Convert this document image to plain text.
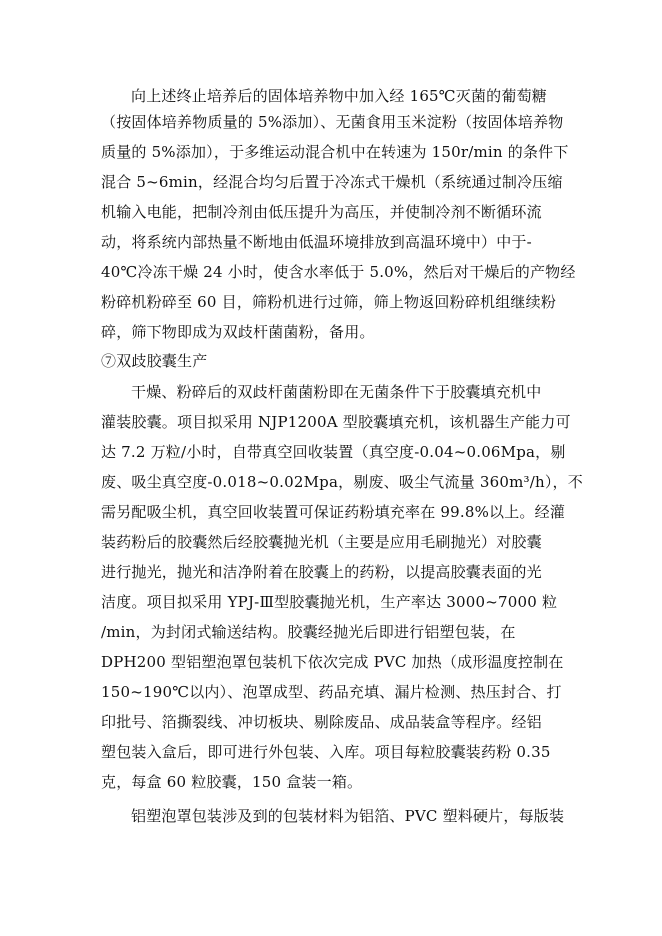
向上述终止培养后的固体培养物中加入经 165℃灭菌的葡萄糖
（按固体培养物质量的 5%添加）、无菌食用玉米淀粉（按固体培养物
质量的 5%添加），于多维运动混合机中在转速为 150r/min 的条件下
混合 5~6min，经混合均匀后置于冷冻式干燥机（系统通过制冷压缩
机输入电能，把制冷剂由低压提升为高压，并使制冷剂不断循环流
动，将系统内部热量不断地由低温环境排放到高温环境中）中于-
40℃冷冻干燥 24 小时，使含水率低于 5.0%，然后对干燥后的产物经
粉碎机粉碎至 60 目，筛粉机进行过筛，筛上物返回粉碎机组继续粉
碎，筛下物即成为双歧杆菌菌粉，备用。
⑦双歧胶囊生产
干燥、粉碎后的双歧杆菌菌粉即在无菌条件下于胶囊填充机中
灌装胶囊。项目拟采用 NJP1200A 型胶囊填充机，该机器生产能力可
达 7.2 万粒/小时，自带真空回收装置（真空度-0.04~0.06Mpa，剔
废、吸尘真空度-0.018~0.02Mpa，剔废、吸尘气流量 360m³/h），不
需另配吸尘机，真空回收装置可保证药粉填充率在 99.8%以上。经灌
装药粉后的胶囊然后经胶囊抛光机（主要是应用毛刷抛光）对胶囊
进行抛光，抛光和洁净附着在胶囊上的药粉，以提高胶囊表面的光
洁度。项目拟采用 YPJ-Ⅲ型胶囊抛光机，生产率达 3000~7000 粒
/min，为封闭式输送结构。胶囊经抛光后即进行铝塑包装，在
DPH200 型铝塑泡罩包装机下依次完成 PVC 加热（成形温度控制在
150~190℃以内）、泡罩成型、药品充填、漏片检测、热压封合、打
印批号、箔撕裂线、冲切板块、剔除废品、成品装盒等程序。经铝
塑包装入盒后，即可进行外包装、入库。项目每粒胶囊装药粉 0.35
克，每盒 60 粒胶囊，150 盒装一箱。
铝塑泡罩包装涉及到的包装材料为铝箔、PVC 塑料硬片，每版装
